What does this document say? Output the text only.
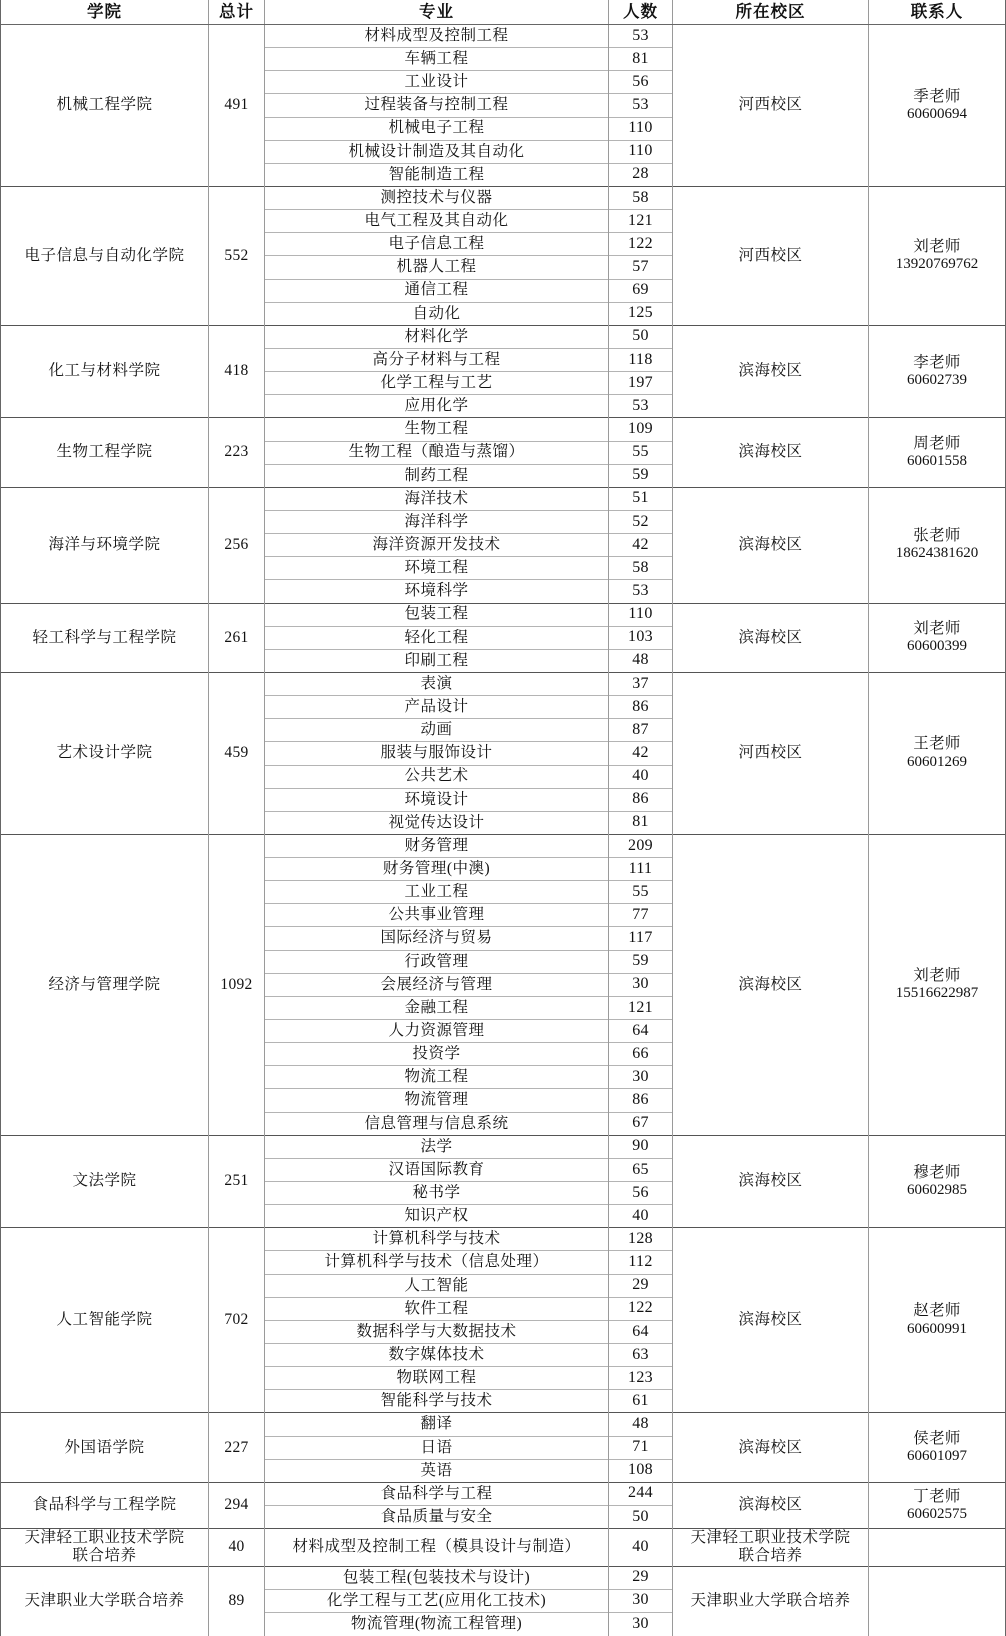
学院	总计	专业	人数	所在校区	联系人
机械工程学院	491	材料成型及控制工程	53	河西校区	季老师
60600694

		车辆工程	81		
		工业设计	56		
		过程装备与控制工程	53		
		机械电子工程	110		
		机械设计制造及其自动化	110		
		智能制造工程	28		
电子信息与自动化学院	552	测控技术与仪器	58	河西校区	刘老师
13920769762

		电气工程及其自动化	121		
		电子信息工程	122		
		机器人工程	57		
		通信工程	69		
		自动化	125		
化工与材料学院	418	材料化学	50	滨海校区	李老师
60602739

		高分子材料与工程	118		
		化学工程与工艺	197		
		应用化学	53		
生物工程学院	223	生物工程	109	滨海校区	周老师
60601558

		生物工程（酿造与蒸馏）	55		
		制药工程	59		
海洋与环境学院	256	海洋技术	51	滨海校区	张老师
18624381620

		海洋科学	52		
		海洋资源开发技术	42		
		环境工程	58		
		环境科学	53		
轻工科学与工程学院	261	包装工程	110	滨海校区	刘老师
60600399

		轻化工程	103		
		印刷工程	48		
艺术设计学院	459	表演	37	河西校区	王老师
60601269

		产品设计	86		
		动画	87		
		服装与服饰设计	42		
		公共艺术	40		
		环境设计	86		
		视觉传达设计	81		
经济与管理学院	1092	财务管理	209	滨海校区	刘老师
15516622987

		财务管理(中澳)	111		
		工业工程	55		
		公共事业管理	77		
		国际经济与贸易	117		
		行政管理	59		
		会展经济与管理	30		
		金融工程	121		
		人力资源管理	64		
		投资学	66		
		物流工程	30		
		物流管理	86		
		信息管理与信息系统	67		
文法学院	251	法学	90	滨海校区	穆老师
60602985

		汉语国际教育	65		
		秘书学	56		
		知识产权	40		
人工智能学院	702	计算机科学与技术	128	滨海校区	赵老师
60600991

		计算机科学与技术（信息处理）	112		
		人工智能	29		
		软件工程	122		
		数据科学与大数据技术	64		
		数字媒体技术	63		
		物联网工程	123		
		智能科学与技术	61		
外国语学院	227	翻译	48	滨海校区	侯老师
60601097

		日语	71		
		英语	108		
食品科学与工程学院	294	食品科学与工程	244	滨海校区	丁老师
60602575

		食品质量与安全	50		
天津轻工职业技术学院
联合培养	40	材料成型及控制工程（模具设计与制造）	40	天津轻工职业技术学院
联合培养	

天津职业大学联合培养	89	包装工程(包装技术与设计)	29	天津职业大学联合培养	
		化学工程与工艺(应用化工技术)	30		
		物流管理(物流工程管理)	30		
